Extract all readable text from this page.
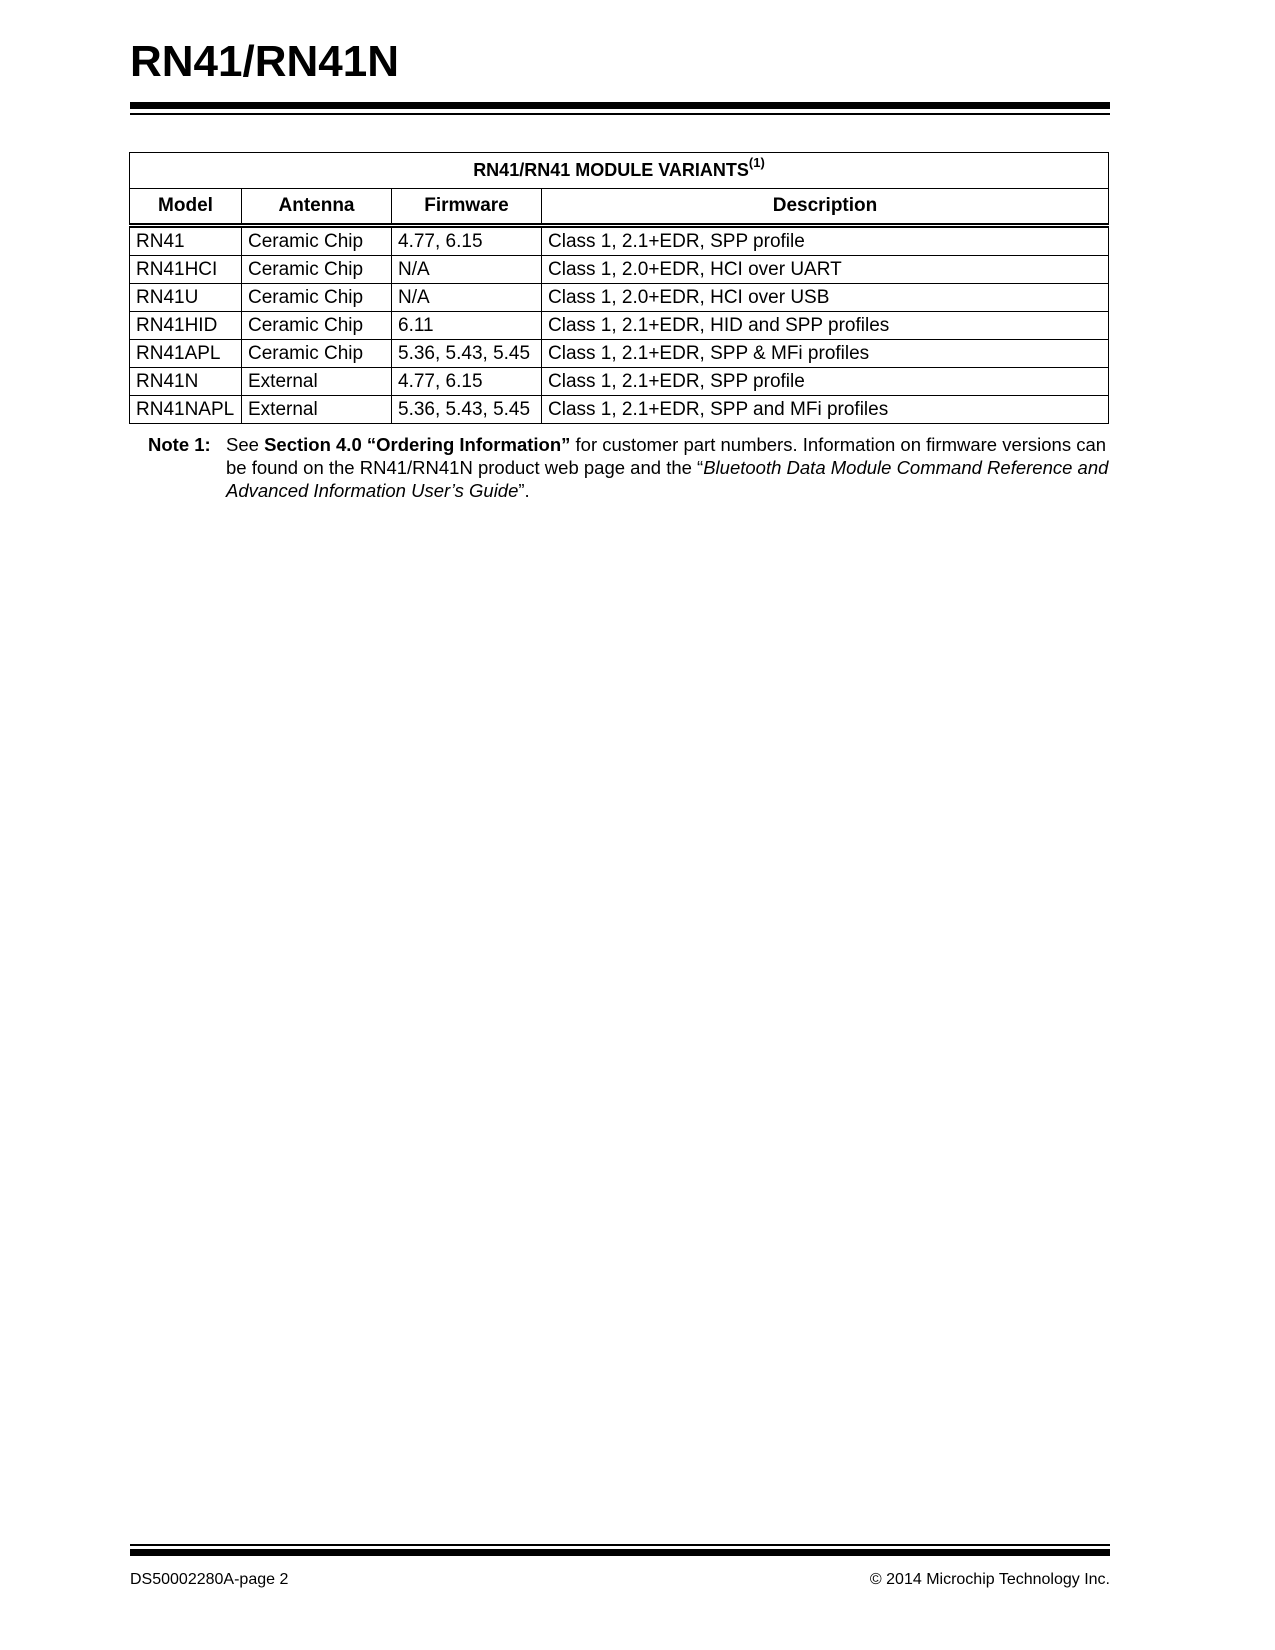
RN41/RN41N
RN41/RN41 MODULE VARIANTS$^{(1)}$
Model	Antenna	Firmware	Description
RN41	Ceramic Chip	4.77, 6.15	Class 1, 2.1+EDR, SPP profile
RN41HCI	Ceramic Chip	N/A	Class 1, 2.0+EDR, HCI over UART
RN41U	Ceramic Chip	N/A	Class 1, 2.0+EDR, HCI over USB
RN41HID	Ceramic Chip	6.11	Class 1, 2.1+EDR, HID and SPP profiles
RN41APL	Ceramic Chip	5.36, 5.43, 5.45	Class 1, 2.1+EDR, SPP & MFi profiles
RN41N	External	4.77, 6.15	Class 1, 2.1+EDR, SPP profile
RN41NAPL	External	5.36, 5.43, 5.45	Class 1, 2.1+EDR, SPP and MFi profiles
Note 1: See Section 4.0 “Ordering Information” for customer part numbers. Information on firmware versions can be found on the RN41/RN41N product web page and the “Bluetooth Data Module Command Reference and Advanced Information User’s Guide”.
DS50002280A-page 2	© 2014 Microchip Technology Inc.
